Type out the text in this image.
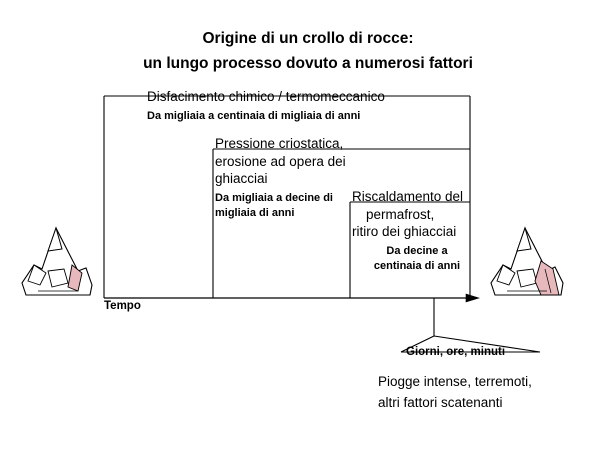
Origine di un crollo di rocce:
un lungo processo dovuto a numerosi fattori
Disfacimento chimico / termomeccanico
Da migliaia a centinaia di migliaia di anni
Pressione criostatica,
erosione ad opera dei
ghiacciai
Da migliaia a decine di
migliaia di anni
Riscaldamento del
permafrost,
ritiro dei ghiacciai
Da decine a
centinaia di anni
Tempo
Giorni, ore, minuti
Piogge intense, terremoti,
altri fattori scatenanti
